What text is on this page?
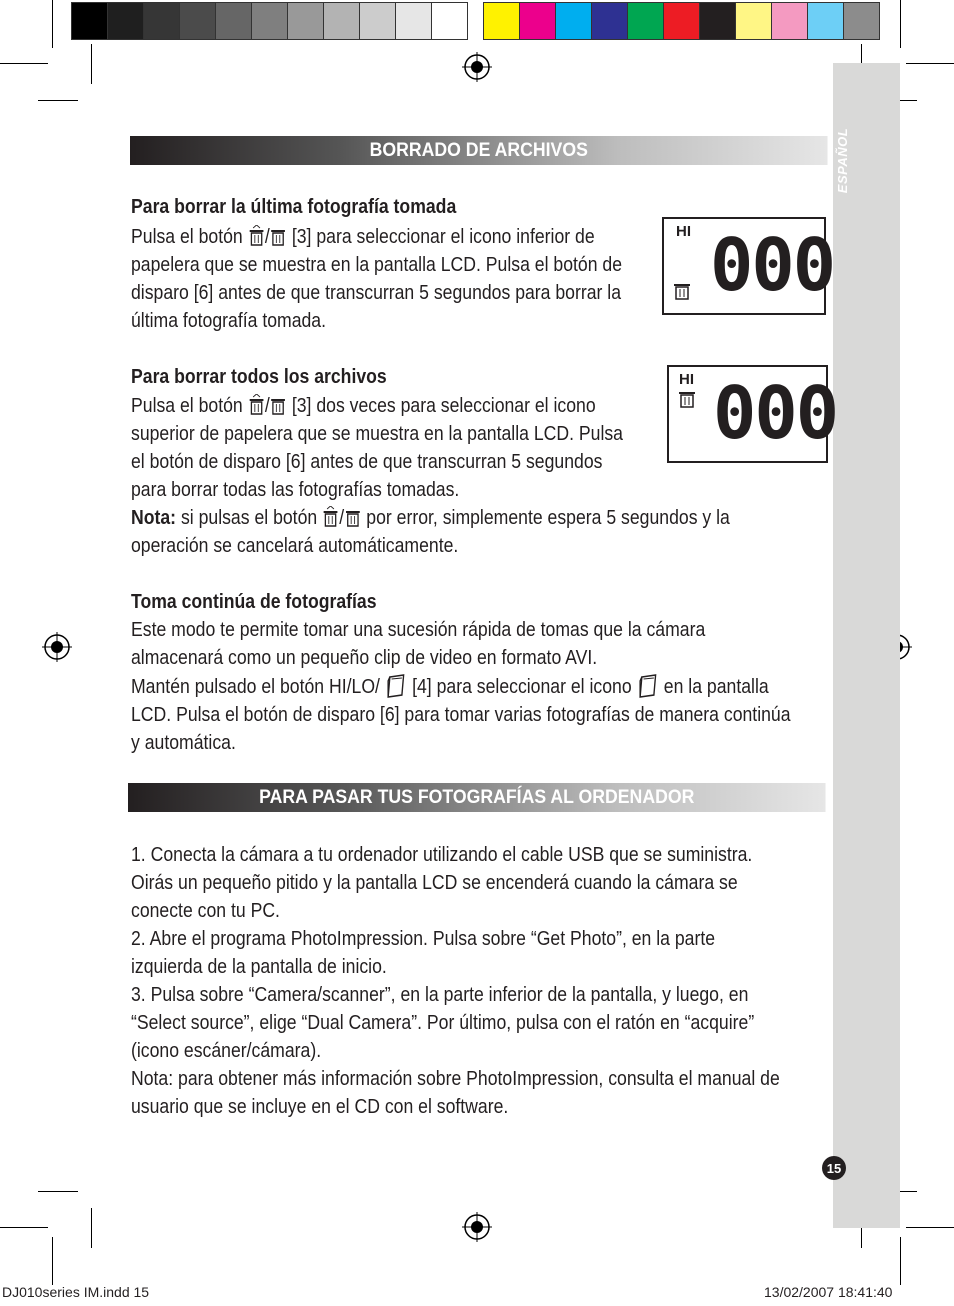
ESPAÑOL
BORRADO DE ARCHIVOS
Para borrar la última fotografía tomada
Pulsa el botón / [3] para seleccionar el icono inferior de
papelera que se muestra en la pantalla LCD. Pulsa el botón de
disparo [6] antes de que transcurran 5 segundos para borrar la
última fotografía tomada.
HI 000
Para borrar todos los archivos
Pulsa el botón / [3] dos veces para seleccionar el icono
superior de papelera que se muestra en la pantalla LCD. Pulsa
el botón de disparo [6] antes de que transcurran 5 segundos
para borrar todas las fotografías tomadas.
Nota: si pulsas el botón / por error, simplemente espera 5 segundos y la
operación se cancelará automáticamente.
HI 000
Toma continúa de fotografías
Este modo te permite tomar una sucesión rápida de tomas que la cámara
almacenará como un pequeño clip de video en formato AVI.
Mantén pulsado el botón HI/LO/  [4] para seleccionar el icono  en la pantalla
LCD. Pulsa el botón de disparo [6] para tomar varias fotografías de manera continúa
y automática.
PARA PASAR TUS FOTOGRAFÍAS AL ORDENADOR
1. Conecta la cámara a tu ordenador utilizando el cable USB que se suministra.
Oirás un pequeño pitido y la pantalla LCD se encenderá cuando la cámara se
conecte con tu PC.
2. Abre el programa PhotoImpression. Pulsa sobre “Get Photo”, en la parte
izquierda de la pantalla de inicio.
3. Pulsa sobre “Camera/scanner”, en la parte inferior de la pantalla, y luego, en
“Select source”, elige “Dual Camera”. Por último, pulsa con el ratón en “acquire”
(icono escáner/cámara).
Nota: para obtener más información sobre PhotoImpression, consulta el manual de
usuario que se incluye en el CD con el software.
15
DJ010series IM.indd 15	13/02/2007 18:41:40
